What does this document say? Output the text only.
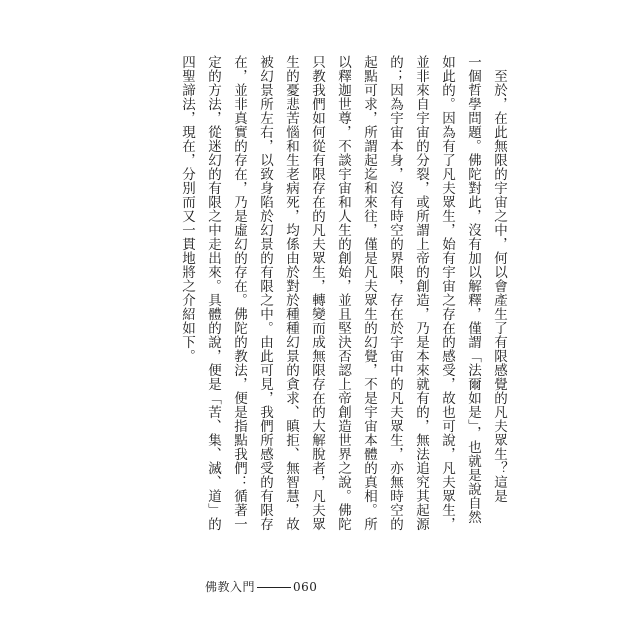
至於，在此無限的宇宙之中，何以會產生了有限感覺的凡夫眾生？這是
一個哲學問題。佛陀對此，沒有加以解釋，僅謂「法爾如是」，也就是說自然
如此的。因為有了凡夫眾生，始有宇宙之存在的感受，故也可說，凡夫眾生，
並非來自宇宙的分裂，或所謂上帝的創造，乃是本來就有的，無法追究其起源
的；因為宇宙本身，沒有時空的界限，存在於宇宙中的凡夫眾生，亦無時空的
起點可求，所謂起迄和來往，僅是凡夫眾生的幻覺，不是宇宙本體的真相。所
以釋迦世尊，不談宇宙和人生的創始，並且堅決否認上帝創造世界之說。佛陀
只教我們如何從有限存在的凡夫眾生，轉變而成無限存在的大解脫者，凡夫眾
生的憂悲苦惱和生老病死，均係由於對於種種幻景的貪求、瞋拒、無智慧，故
被幻景所左右，以致身陷於幻景的有限之中。由此可見，我們所感受的有限存
在，並非真實的存在，乃是虛幻的存在。佛陀的教法，便是指點我們：循著一
定的方法，從迷幻的有限之中走出來。具體的說，便是「苦、集、滅、道」的
四聖諦法，現在，分別而又一貫地將之介紹如下。
佛教入門	060
